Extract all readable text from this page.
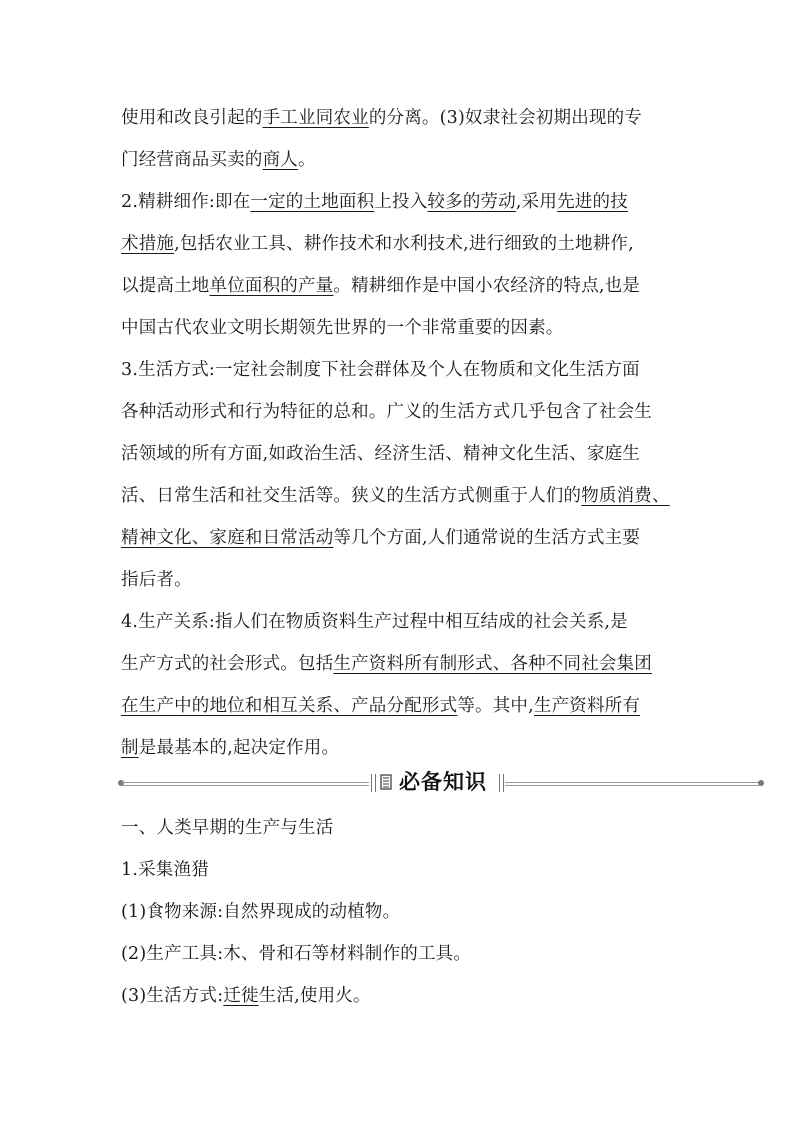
使用和改良引起的手工业同农业的分离。(3)奴隶社会初期出现的专
门经营商品买卖的商人。
2.精耕细作:即在一定的土地面积上投入较多的劳动,采用先进的技
术措施,包括农业工具、耕作技术和水利技术,进行细致的土地耕作,
以提高土地单位面积的产量。精耕细作是中国小农经济的特点,也是
中国古代农业文明长期领先世界的一个非常重要的因素。
3.生活方式:一定社会制度下社会群体及个人在物质和文化生活方面
各种活动形式和行为特征的总和。广义的生活方式几乎包含了社会生
活领域的所有方面,如政治生活、经济生活、精神文化生活、家庭生
活、日常生活和社交生活等。狭义的生活方式侧重于人们的物质消费、
精神文化、家庭和日常活动等几个方面,人们通常说的生活方式主要
指后者。
4.生产关系:指人们在物质资料生产过程中相互结成的社会关系,是
生产方式的社会形式。包括生产资料所有制形式、各种不同社会集团
在生产中的地位和相互关系、产品分配形式等。其中,生产资料所有
制是最基本的,起决定作用。
必备知识
一、人类早期的生产与生活
1.采集渔猎
(1)食物来源:自然界现成的动植物。
(2)生产工具:木、骨和石等材料制作的工具。
(3)生活方式:迁徙生活,使用火。
